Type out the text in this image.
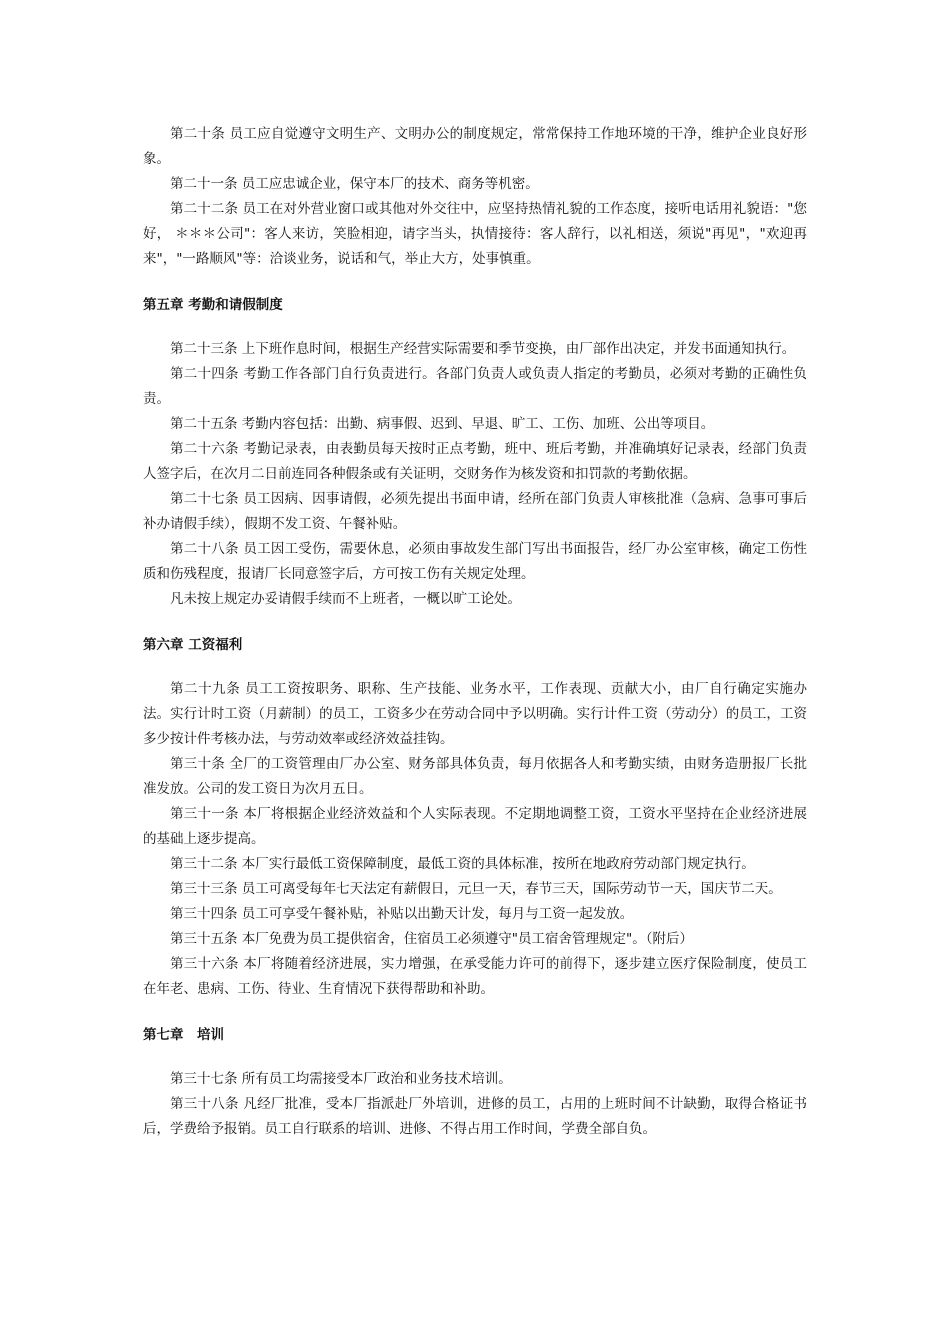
第二十条 员工应自觉遵守文明生产、文明办公的制度规定，常常保持工作地环境的干净，维护企业良好形象。

第二十一条 员工应忠诚企业，保守本厂的技术、商务等机密。

第二十二条 员工在对外营业窗口或其他对外交往中，应坚持热情礼貌的工作态度，接听电话用礼貌语："您好， ＊＊＊公司"：客人来访，笑脸相迎，请字当头，执情接待：客人辞行，以礼相送，须说"再见"，"欢迎再来"，"一路顺风"等：洽谈业务，说话和气，举止大方，处事慎重。

第五章 考勤和请假制度

第二十三条 上下班作息时间，根据生产经营实际需要和季节变换，由厂部作出决定，并发书面通知执行。

第二十四条 考勤工作各部门自行负责进行。各部门负责人或负责人指定的考勤员，必须对考勤的正确性负责。

第二十五条 考勤内容包括：出勤、病事假、迟到、早退、旷工、工伤、加班、公出等项目。

第二十六条 考勤记录表，由表勤员每天按时正点考勤，班中、班后考勤，并准确填好记录表，经部门负责人签字后，在次月二日前连同各种假条或有关证明，交财务作为核发资和扣罚款的考勤依据。

第二十七条 员工因病、因事请假，必须先提出书面申请，经所在部门负责人审核批准（急病、急事可事后补办请假手续），假期不发工资、午餐补贴。

第二十八条 员工因工受伤，需要休息，必须由事故发生部门写出书面报告，经厂办公室审核，确定工伤性质和伤残程度，报请厂长同意签字后，方可按工伤有关规定处理。

凡未按上规定办妥请假手续而不上班者，一概以旷工论处。

第六章 工资福利

第二十九条 员工工资按职务、职称、生产技能、业务水平，工作表现、贡献大小，由厂自行确定实施办法。实行计时工资（月薪制）的员工，工资多少在劳动合同中予以明确。实行计件工资（劳动分）的员工，工资多少按计件考核办法，与劳动效率或经济效益挂钩。

第三十条 全厂的工资管理由厂办公室、财务部具体负责，每月依据各人和考勤实绩，由财务造册报厂长批准发放。公司的发工资日为次月五日。

第三十一条 本厂将根据企业经济效益和个人实际表现。不定期地调整工资，工资水平坚持在企业经济进展的基础上逐步提高。

第三十二条 本厂实行最低工资保障制度，最低工资的具体标准，按所在地政府劳动部门规定执行。

第三十三条 员工可离受每年七天法定有薪假日，元旦一天，春节三天，国际劳动节一天，国庆节二天。

第三十四条 员工可享受午餐补贴，补贴以出勤天计发，每月与工资一起发放。

第三十五条 本厂免费为员工提供宿舍，住宿员工必须遵守"员工宿舍管理规定"。（附后）

第三十六条 本厂将随着经济进展，实力增强，在承受能力许可的前得下，逐步建立医疗保险制度，使员工在年老、患病、工伤、待业、生育情况下获得帮助和补助。

第七章　培训

第三十七条 所有员工均需接受本厂政治和业务技术培训。

第三十八条 凡经厂批准，受本厂指派赴厂外培训，进修的员工，占用的上班时间不计缺勤，取得合格证书后，学费给予报销。员工自行联系的培训、进修、不得占用工作时间，学费全部自负。
